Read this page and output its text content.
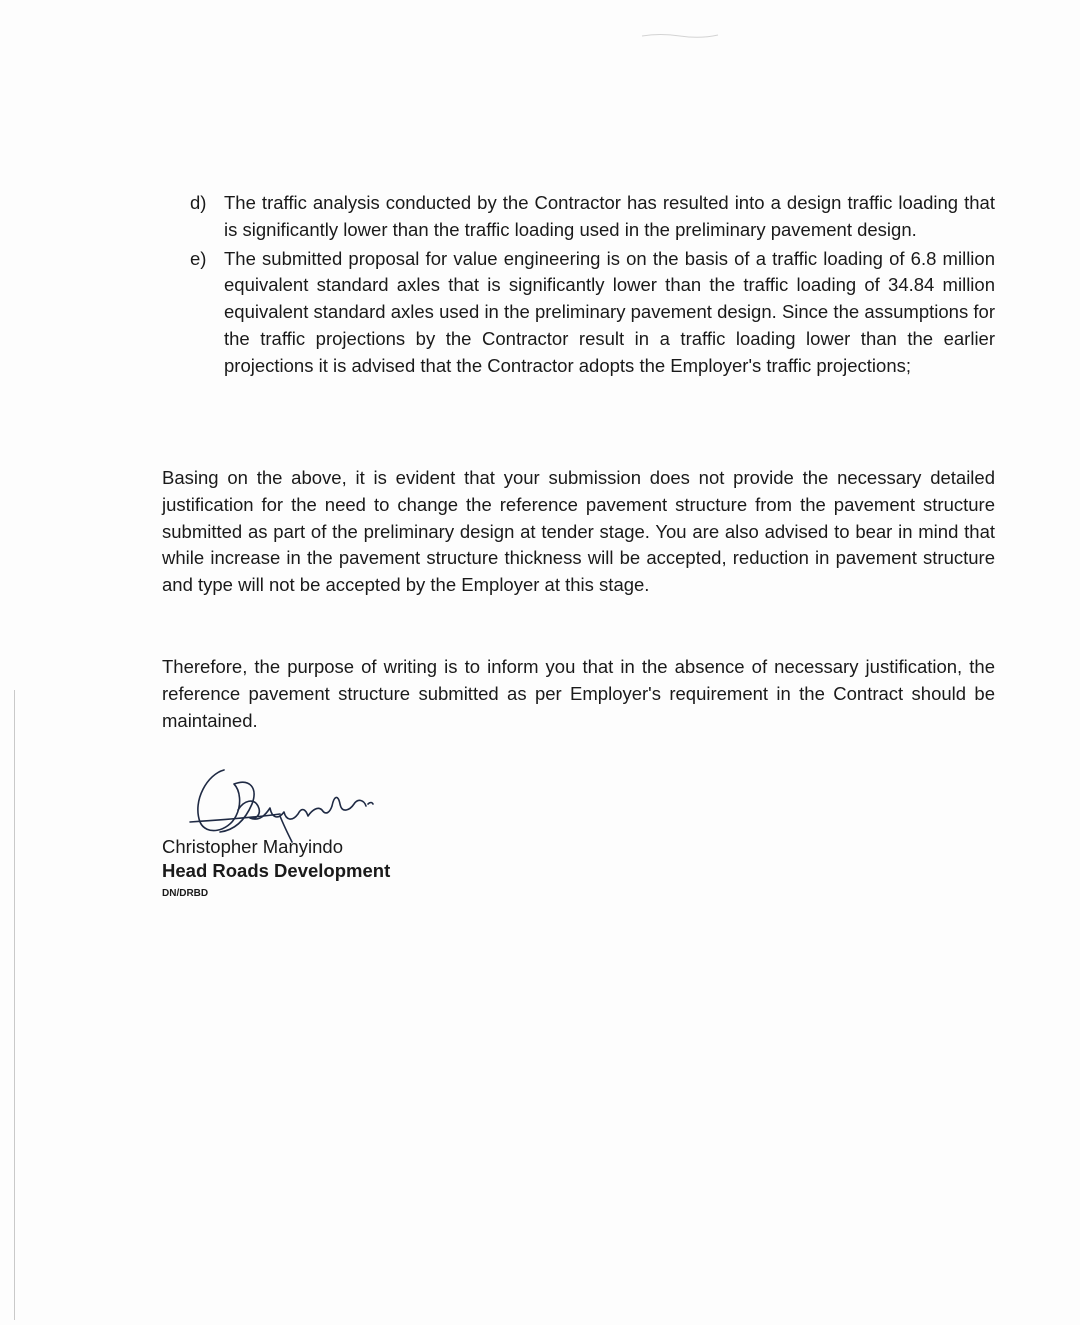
d) The traffic analysis conducted by the Contractor has resulted into a design traffic loading that is significantly lower than the traffic loading used in the preliminary pavement design.
e) The submitted proposal for value engineering is on the basis of a traffic loading of 6.8 million equivalent standard axles that is significantly lower than the traffic loading of 34.84 million equivalent standard axles used in the preliminary pavement design. Since the assumptions for the traffic projections by the Contractor result in a traffic loading lower than the earlier projections it is advised that the Contractor adopts the Employer's traffic projections;

Basing on the above, it is evident that your submission does not provide the necessary detailed justification for the need to change the reference pavement structure from the pavement structure submitted as part of the preliminary design at tender stage. You are also advised to bear in mind that while increase in the pavement structure thickness will be accepted, reduction in pavement structure and type will not be accepted by the Employer at this stage.

Therefore, the purpose of writing is to inform you that in the absence of necessary justification, the reference pavement structure submitted as per Employer's requirement in the Contract should be maintained.

Christopher Manyindo
Head Roads Development
DN/DRBD
